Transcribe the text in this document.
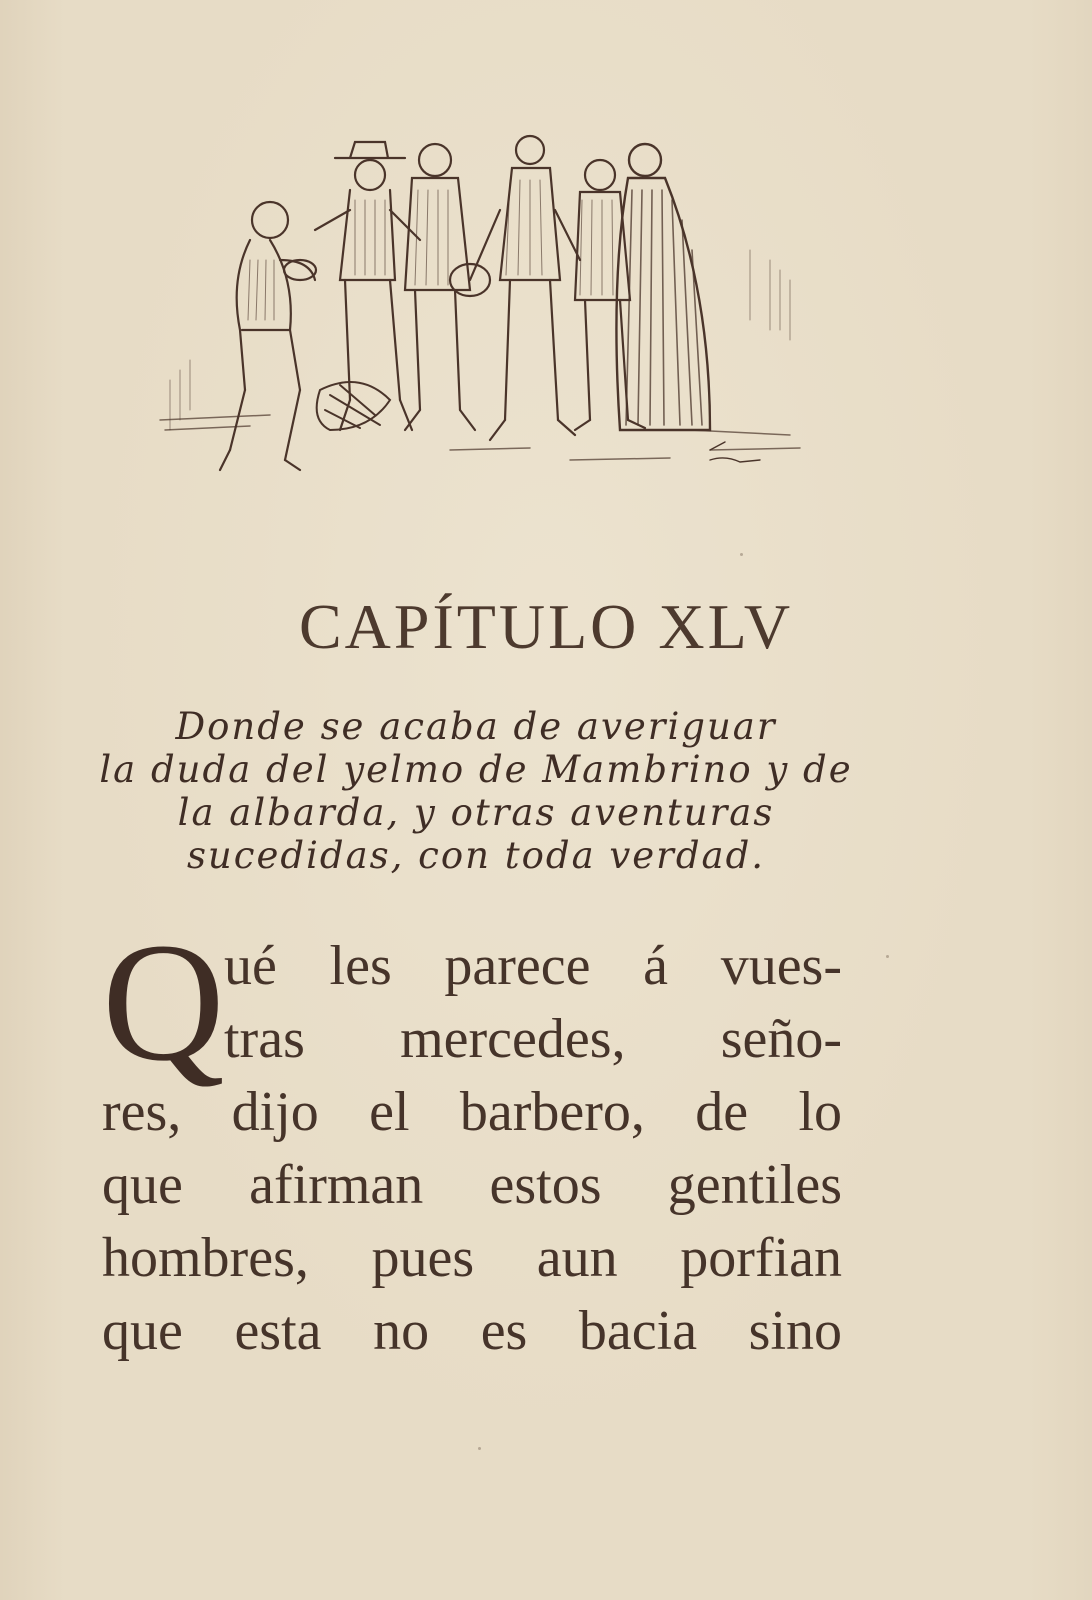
CAPÍTULO XLV
Donde se acaba de averiguar
la duda del yelmo de Mambrino y de
la albarda, y otras aventuras
sucedidas, con toda verdad.
Q ué les parece á vues-
tras mercedes, seño-
res, dijo el barbero, de lo
que afirman estos gentiles
hombres, pues aun porfian
que esta no es bacia sino
